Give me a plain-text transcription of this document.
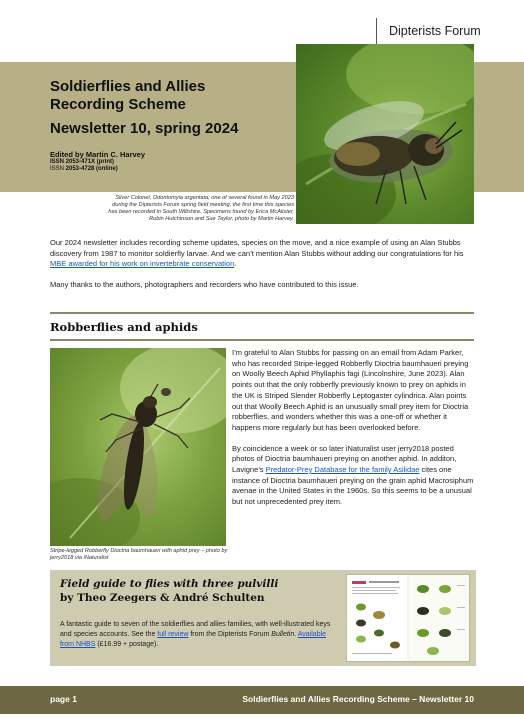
Dipterists Forum
Soldierflies and Allies
Recording Scheme
Newsletter 10, spring 2024
Edited by Martin C. Harvey
ISSN 2053-471X (print)
ISSN 2053-4728 (online)
Silver Colonel, Odontomyia argentata, one of several found in May 2023
during the Dipterists Forum spring field meeting, the first time this species
has been recorded in South Wiltshire. Specimens found by Erica McAlister,
Robin Hutchinson and Sue Taylor, photo by Martin Harvey.

Our 2024 newsletter includes recording scheme updates, species on the move, and a nice example of using an Alan Stubbs discovery from 1987 to monitor soldierfly larvae. And we can’t mention Alan Stubbs without adding our congratulations for his MBE awarded for his work on invertebrate conservation.

Many thanks to the authors, photographers and recorders who have contributed to this issue.

Robberflies and aphids
Stripe-legged Robberfly Dioctria baumhaueri with aphid prey – photo by jerry2018 via iNaturalist

I’m grateful to Alan Stubbs for passing on an email from Adam Parker, who has recorded Stripe-legged Robberfly Dioctria baumhaueri preying on Woolly Beech Aphid Phyllaphis fagi (Lincolnshire, June 2023). Alan points out that the only robberfly previously known to prey on aphids in the UK is Striped Slender Robberfly Leptogaster cylindrica. Alan points out that Woolly Beech Aphid is an unusually small prey item for Dioctria robberflies, and wonders whether this was a one-off or whether it happens more regularly but has been overlooked before.

By coincidence a week or so later iNaturalist user jerry2018 posted photos of Dioctria baumhaueri preying on another aphid. In additon, Lavigne’s Predator-Prey Database for the family Asilidae cites one instance of Dioctria baumhaueri preying on the grain aphid Macrosiphum avenae in the United States in the 1960s. So this seems to be a unusual but not unprecedented prey item.

Field guide to flies with three pulvilli
by Theo Zeegers & André Schulten
A fantastic guide to seven of the soldierflies and allies families, with well-illustrated keys and species accounts. See the full review from the Dipterists Forum Bulletin. Available from NHBS (£16.99 + postage).
page 1	Soldierflies and Allies Recording Scheme – Newsletter 10
